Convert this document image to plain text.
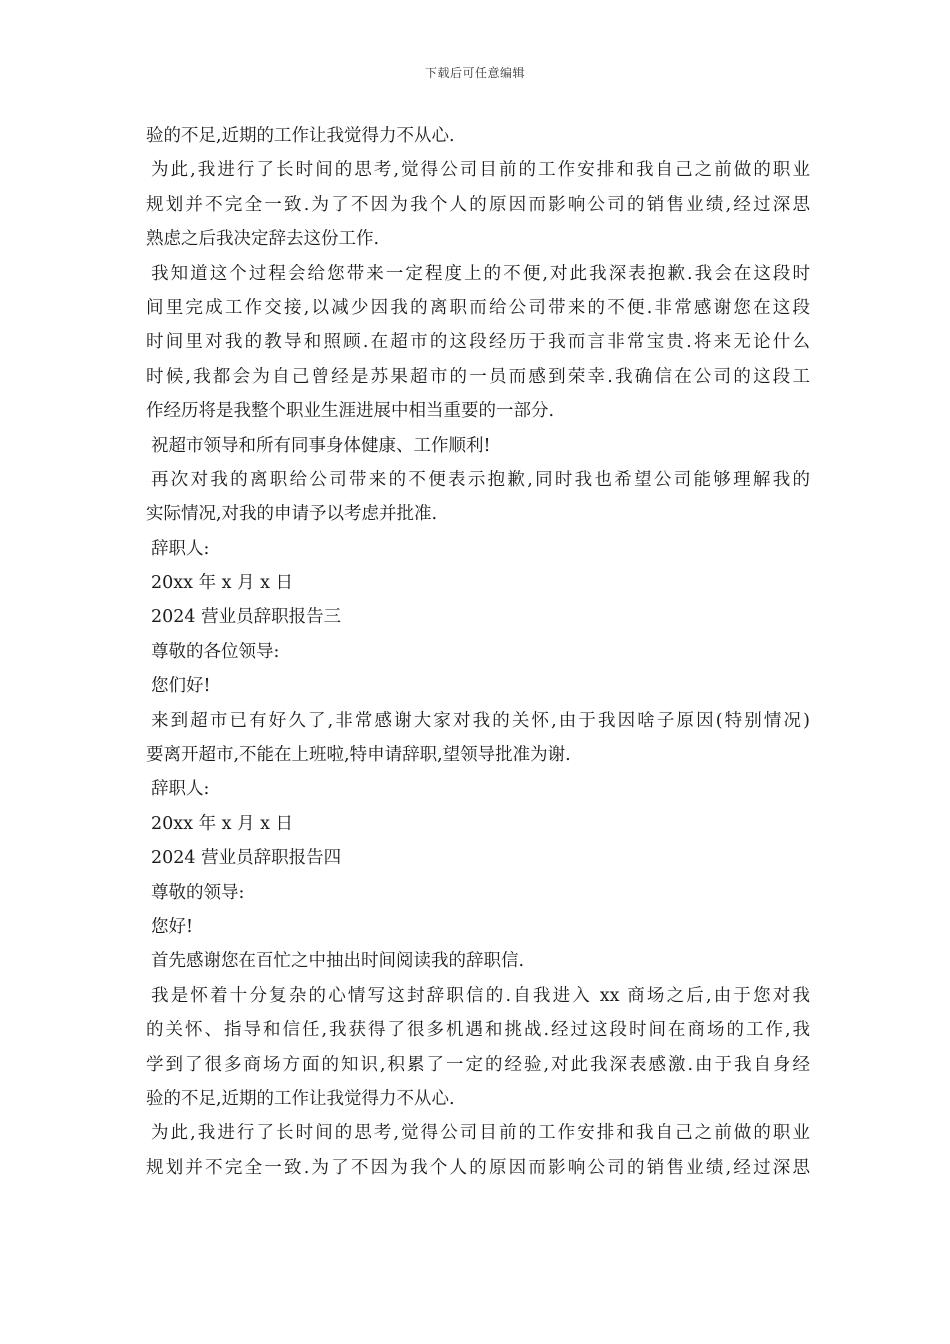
下载后可任意编辑
验的不足,近期的工作让我觉得力不从心.
为此,我进行了长时间的思考,觉得公司目前的工作安排和我自己之前做的职业
规划并不完全一致.为了不因为我个人的原因而影响公司的销售业绩,经过深思
熟虑之后我决定辞去这份工作.
我知道这个过程会给您带来一定程度上的不便,对此我深表抱歉.我会在这段时
间里完成工作交接,以减少因我的离职而给公司带来的不便.非常感谢您在这段
时间里对我的教导和照顾.在超市的这段经历于我而言非常宝贵.将来无论什么
时候,我都会为自己曾经是苏果超市的一员而感到荣幸.我确信在公司的这段工
作经历将是我整个职业生涯进展中相当重要的一部分.
祝超市领导和所有同事身体健康、工作顺利!
再次对我的离职给公司带来的不便表示抱歉,同时我也希望公司能够理解我的
实际情况,对我的申请予以考虑并批准.
辞职人:
20xx 年 x 月 x 日
2024 营业员辞职报告三
尊敬的各位领导:
您们好!
来到超市已有好久了,非常感谢大家对我的关怀,由于我因啥子原因(特别情况)
要离开超市,不能在上班啦,特申请辞职,望领导批准为谢.
辞职人:
20xx 年 x 月 x 日
2024 营业员辞职报告四
尊敬的领导:
您好!
首先感谢您在百忙之中抽出时间阅读我的辞职信.
我是怀着十分复杂的心情写这封辞职信的.自我进入 xx 商场之后,由于您对我
的关怀、指导和信任,我获得了很多机遇和挑战.经过这段时间在商场的工作,我
学到了很多商场方面的知识,积累了一定的经验,对此我深表感激.由于我自身经
验的不足,近期的工作让我觉得力不从心.
为此,我进行了长时间的思考,觉得公司目前的工作安排和我自己之前做的职业
规划并不完全一致.为了不因为我个人的原因而影响公司的销售业绩,经过深思
